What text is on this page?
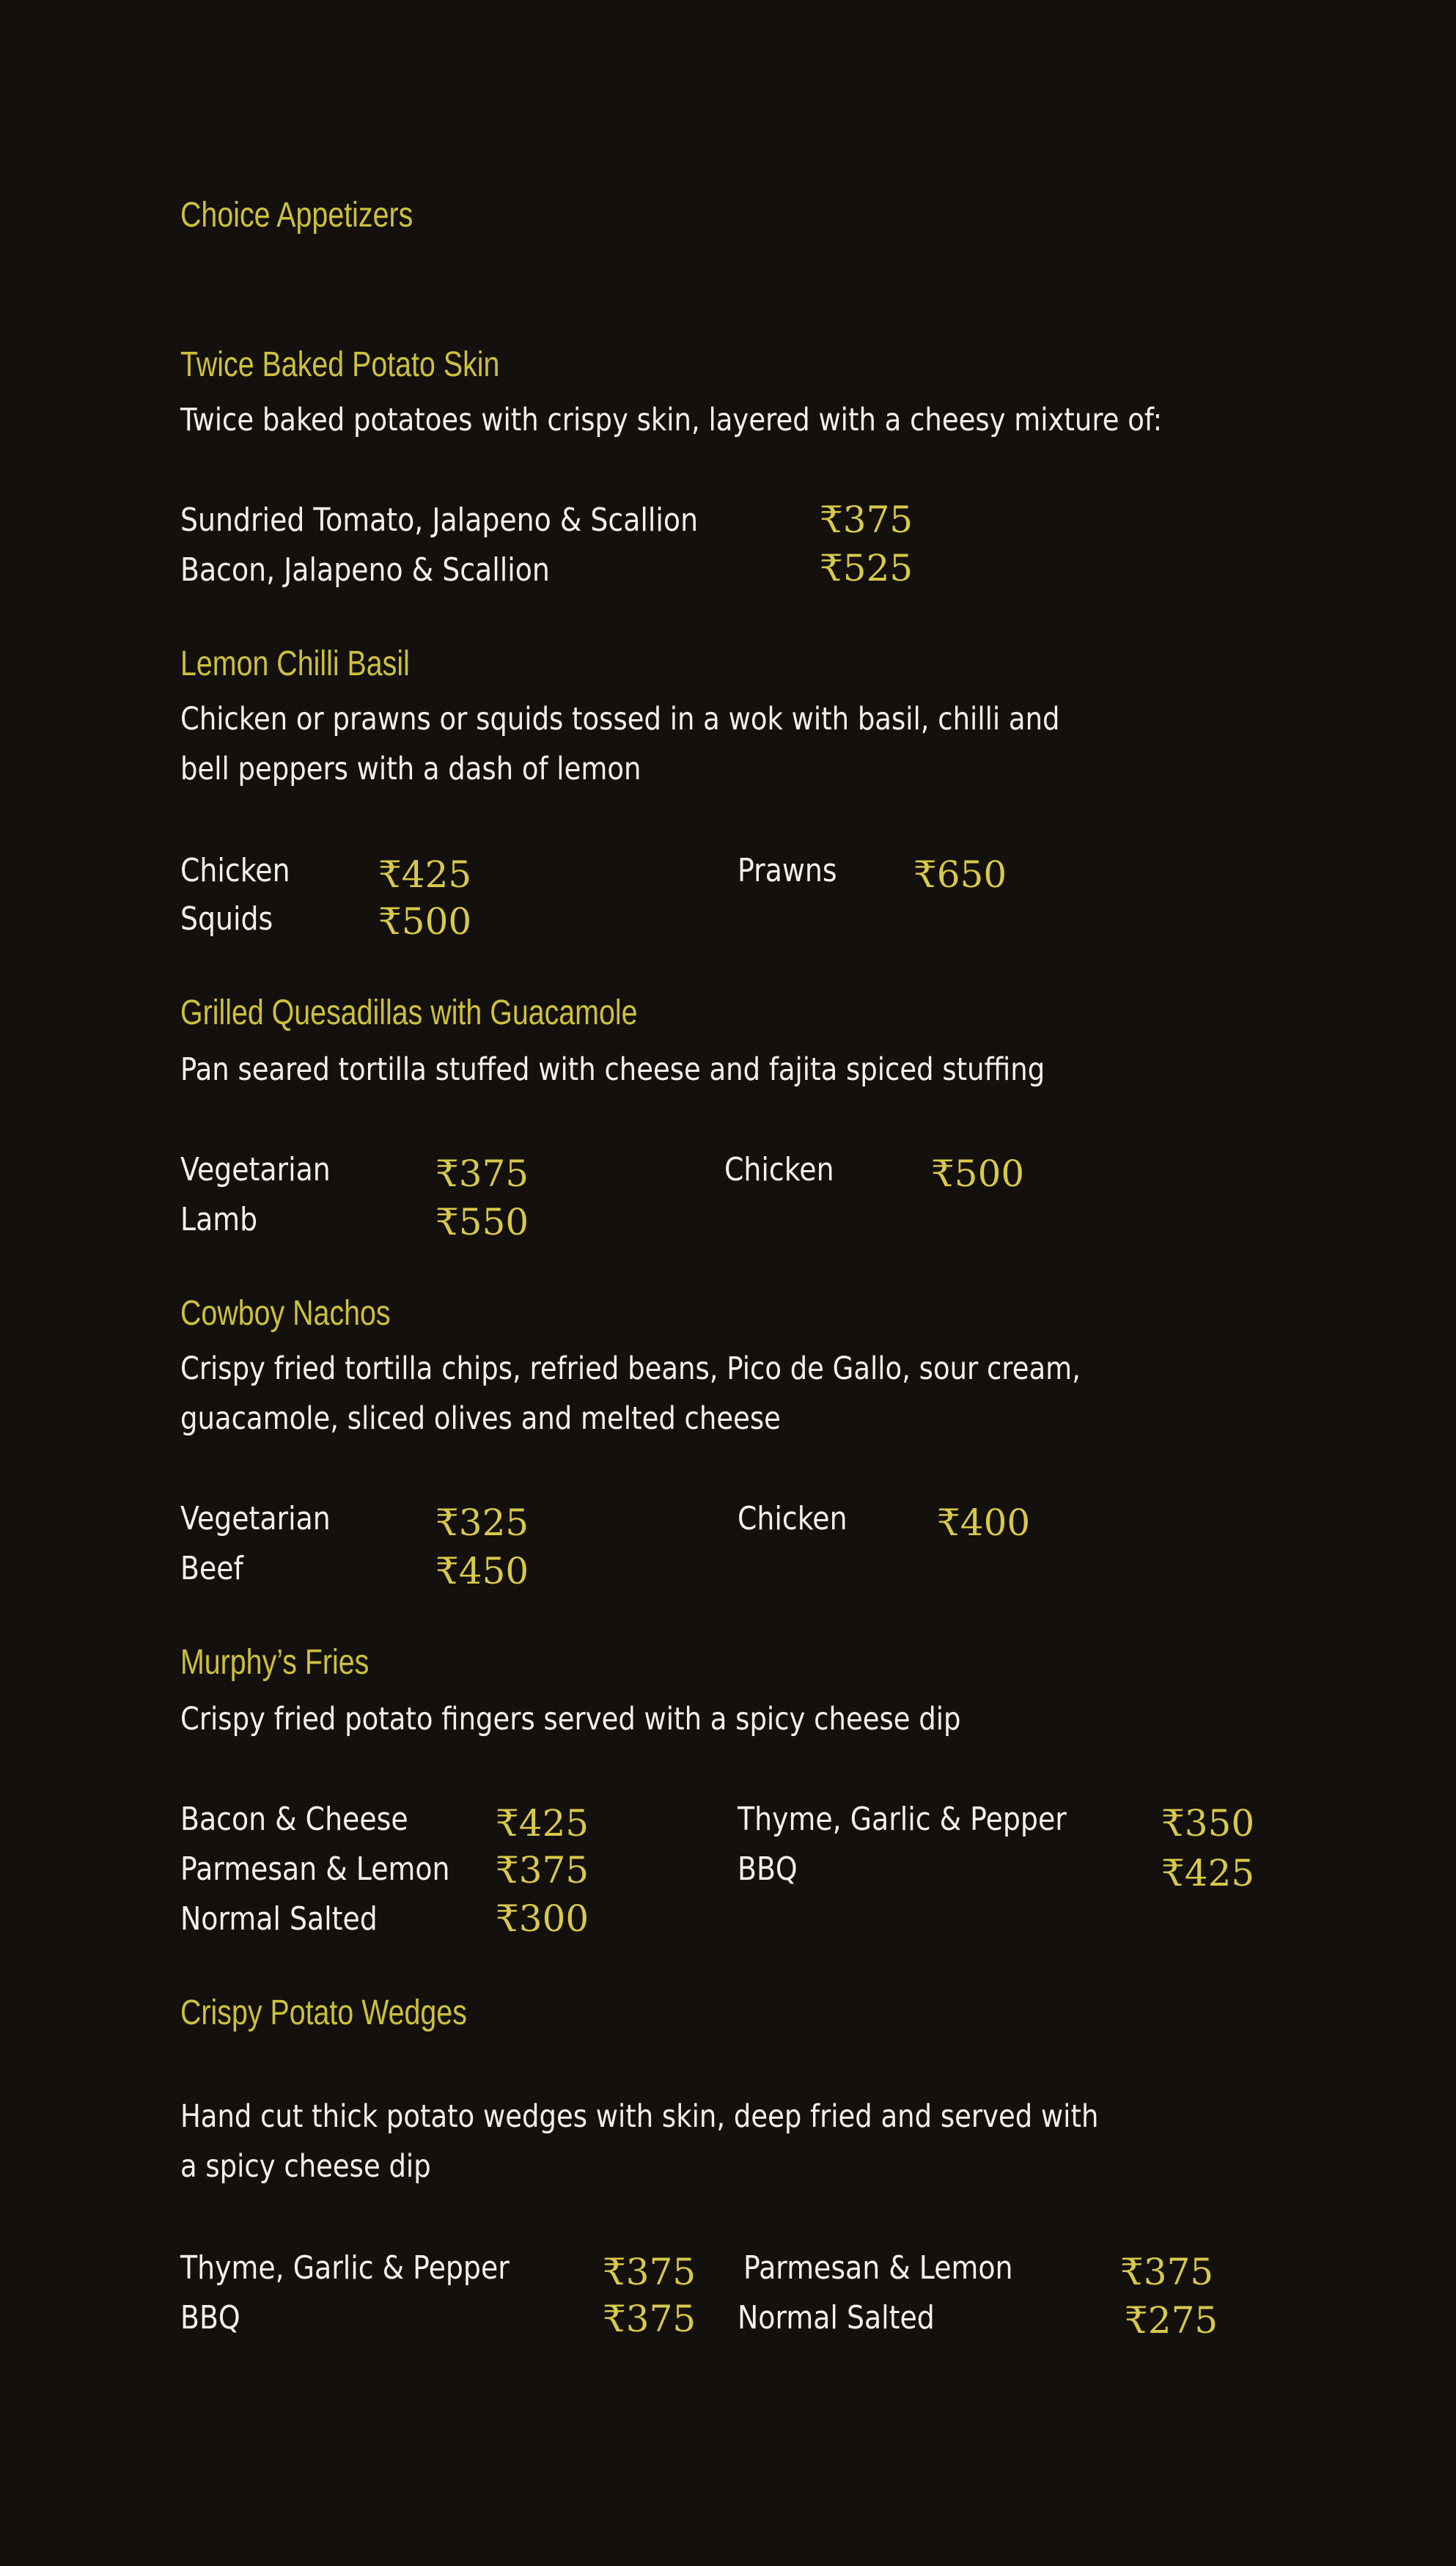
Choice Appetizers
Twice Baked Potato Skin
Twice baked potatoes with crispy skin, layered with a cheesy mixture of:
Sundried Tomato, Jalapeno & Scallion	₹375
Bacon, Jalapeno & Scallion	₹525
Lemon Chilli Basil
Chicken or prawns or squids tossed in a wok with basil, chilli and
bell peppers with a dash of lemon
Chicken ₹425	Prawns ₹650
Squids	₹500
Grilled Quesadillas with Guacamole
Pan seared tortilla stuffed with cheese and fajita spiced stuffing
Vegetarian	₹375	Chicken	₹500
Lamb	₹550
Cowboy Nachos
Crispy fried tortilla chips, refried beans, Pico de Gallo, sour cream,
guacamole, sliced olives and melted cheese
Vegetarian	₹325	Chicken ₹400
Beef	₹450
Murphy’s Fries
Crispy fried potato fingers served with a spicy cheese dip
Bacon & Cheese ₹425	Thyme, Garlic & Pepper	₹350
Parmesan & Lemon ₹375	BBQ	₹425
Normal Salted	₹300
Crispy Potato Wedges
Hand cut thick potato wedges with skin, deep fried and served with
a spicy cheese dip
Thyme, Garlic & Pepper	₹375 Parmesan & Lemon	₹375
BBQ	₹375 Normal Salted	₹275
